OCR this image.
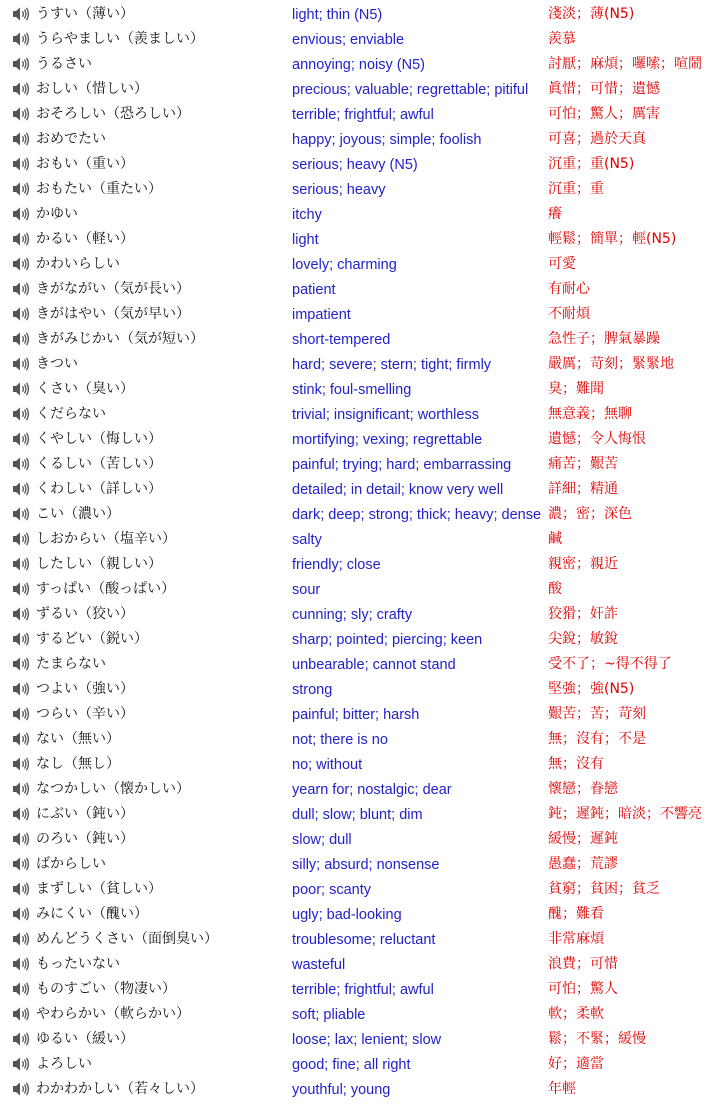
うすい（薄い）	light; thin (N5)	淺淡；薄(N5)
うらやましい（羨ましい）	envious; enviable	羨慕
うるさい	annoying; noisy (N5)	討厭；麻煩；囉嗦；喧鬧
おしい（惜しい）	precious; valuable; regrettable; pitiful 眞惜；可惜；遺憾
おそろしい（恐ろしい）	terrible; frightful; awful	可怕；驚人；厲害
おめでたい	happy; joyous; simple; foolish	可喜；過於天真
おもい（重い）	serious; heavy (N5)	沉重；重(N5)
おもたい（重たい）	serious; heavy	沉重；重
かゆい	itchy	癢
かるい（軽い）	light	輕鬆；簡單；輕(N5)
かわいらしい	lovely; charming	可愛
きがながい（気が長い）	patient	有耐心
きがはやい（気が早い）	impatient	不耐煩
きがみじかい（気が短い）	short-tempered	急性子；脾氣暴躁
きつい	hard; severe; stern; tight; firmly	嚴厲；苛刻；緊緊地
くさい（臭い）	stink; foul-smelling	臭；難聞
くだらない	trivial; insignificant; worthless	無意義；無聊
くやしい（悔しい）	mortifying; vexing; regrettable	遺憾；令人悔恨
くるしい（苦しい）	painful; trying; hard; embarrassing	痛苦；艱苦
くわしい（詳しい）	detailed; in detail; know very well	詳細；精通
こい（濃い）	dark; deep; strong; thick; heavy; dense 濃；密；深色
しおからい（塩辛い）	salty	鹹
したしい（親しい）	friendly; close	親密；親近
すっぱい（酸っぱい）	sour	酸
ずるい（狡い）	cunning; sly; crafty	狡猾；奸詐
するどい（鋭い）	sharp; pointed; piercing; keen	尖銳；敏銳
たまらない	unbearable; cannot stand	受不了；~得不得了
つよい（強い）	strong	堅強；強(N5)
つらい（辛い）	painful; bitter; harsh	艱苦；苦；苛刻
ない（無い）	not; there is no	無；沒有；不是
なし（無し）	no; without	無；沒有
なつかしい（懐かしい）	yearn for; nostalgic; dear	懷戀；眷戀
にぶい（鈍い）	dull; slow; blunt; dim	鈍；遲鈍；暗淡；不響亮
のろい（鈍い）	slow; dull	緩慢；遲鈍
ばからしい	silly; absurd; nonsense	愚蠢；荒謬
まずしい（貧しい）	poor; scanty	貧窮；貧困；貧乏
みにくい（醜い）	ugly; bad-looking	醜；難看
めんどうくさい（面倒臭い）	troublesome; reluctant	非常麻煩
もったいない	wasteful	浪費；可惜
ものすごい（物凄い）	terrible; frightful; awful	可怕；驚人
やわらかい（軟らかい）	soft; pliable	軟；柔軟
ゆるい（緩い）	loose; lax; lenient; slow	鬆；不緊；緩慢
よろしい	good; fine; all right	好；適當
わかわかしい（若々しい）	youthful; young	年輕
